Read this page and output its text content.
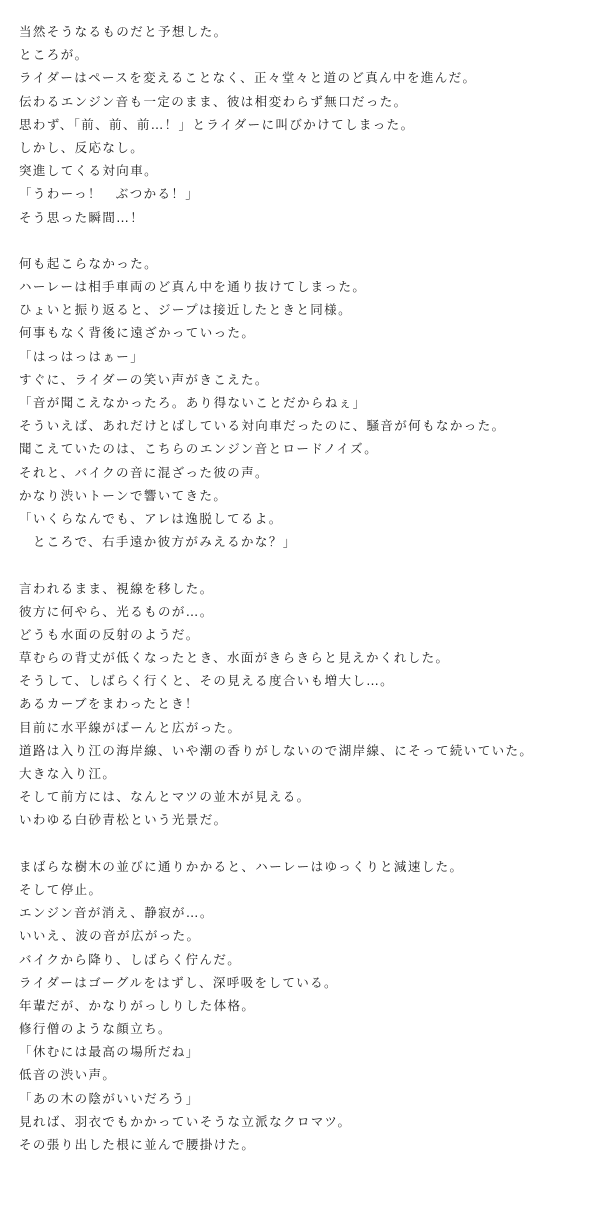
当然そうなるものだと予想した。
ところが。
ライダーはペースを変えることなく、正々堂々と道のど真ん中を進んだ。
伝わるエンジン音も一定のまま、彼は相変わらず無口だった。
思わず、「前、前、前…！」とライダーに叫びかけてしまった。
しかし、反応なし。
突進してくる対向車。
「うわーっ！　ぶつかる！」
そう思った瞬間…！
何も起こらなかった。
ハーレーは相手車両のど真ん中を通り抜けてしまった。
ひょいと振り返ると、ジープは接近したときと同様。
何事もなく背後に遠ざかっていった。
「はっはっはぁー」
すぐに、ライダーの笑い声がきこえた。
「音が聞こえなかったろ。あり得ないことだからねぇ」
そういえば、あれだけとばしている対向車だったのに、騒音が何もなかった。
聞こえていたのは、こちらのエンジン音とロードノイズ。
それと、バイクの音に混ざった彼の声。
かなり渋いトーンで響いてきた。
「いくらなんでも、アレは逸脱してるよ。
　ところで、右手遠か彼方がみえるかな？」
言われるまま、視線を移した。
彼方に何やら、光るものが…。
どうも水面の反射のようだ。
草むらの背丈が低くなったとき、水面がきらきらと見えかくれした。
そうして、しばらく行くと、その見える度合いも増大し…。
あるカーブをまわったとき！
目前に水平線がばーんと広がった。
道路は入り江の海岸線、いや潮の香りがしないので湖岸線、にそって続いていた。
大きな入り江。
そして前方には、なんとマツの並木が見える。
いわゆる白砂青松という光景だ。
まばらな樹木の並びに通りかかると、ハーレーはゆっくりと減速した。
そして停止。
エンジン音が消え、静寂が…。
いいえ、波の音が広がった。
バイクから降り、しばらく佇んだ。
ライダーはゴーグルをはずし、深呼吸をしている。
年輩だが、かなりがっしりした体格。
修行僧のような顔立ち。
「休むには最高の場所だね」
低音の渋い声。
「あの木の陰がいいだろう」
見れば、羽衣でもかかっていそうな立派なクロマツ。
その張り出した根に並んで腰掛けた。
